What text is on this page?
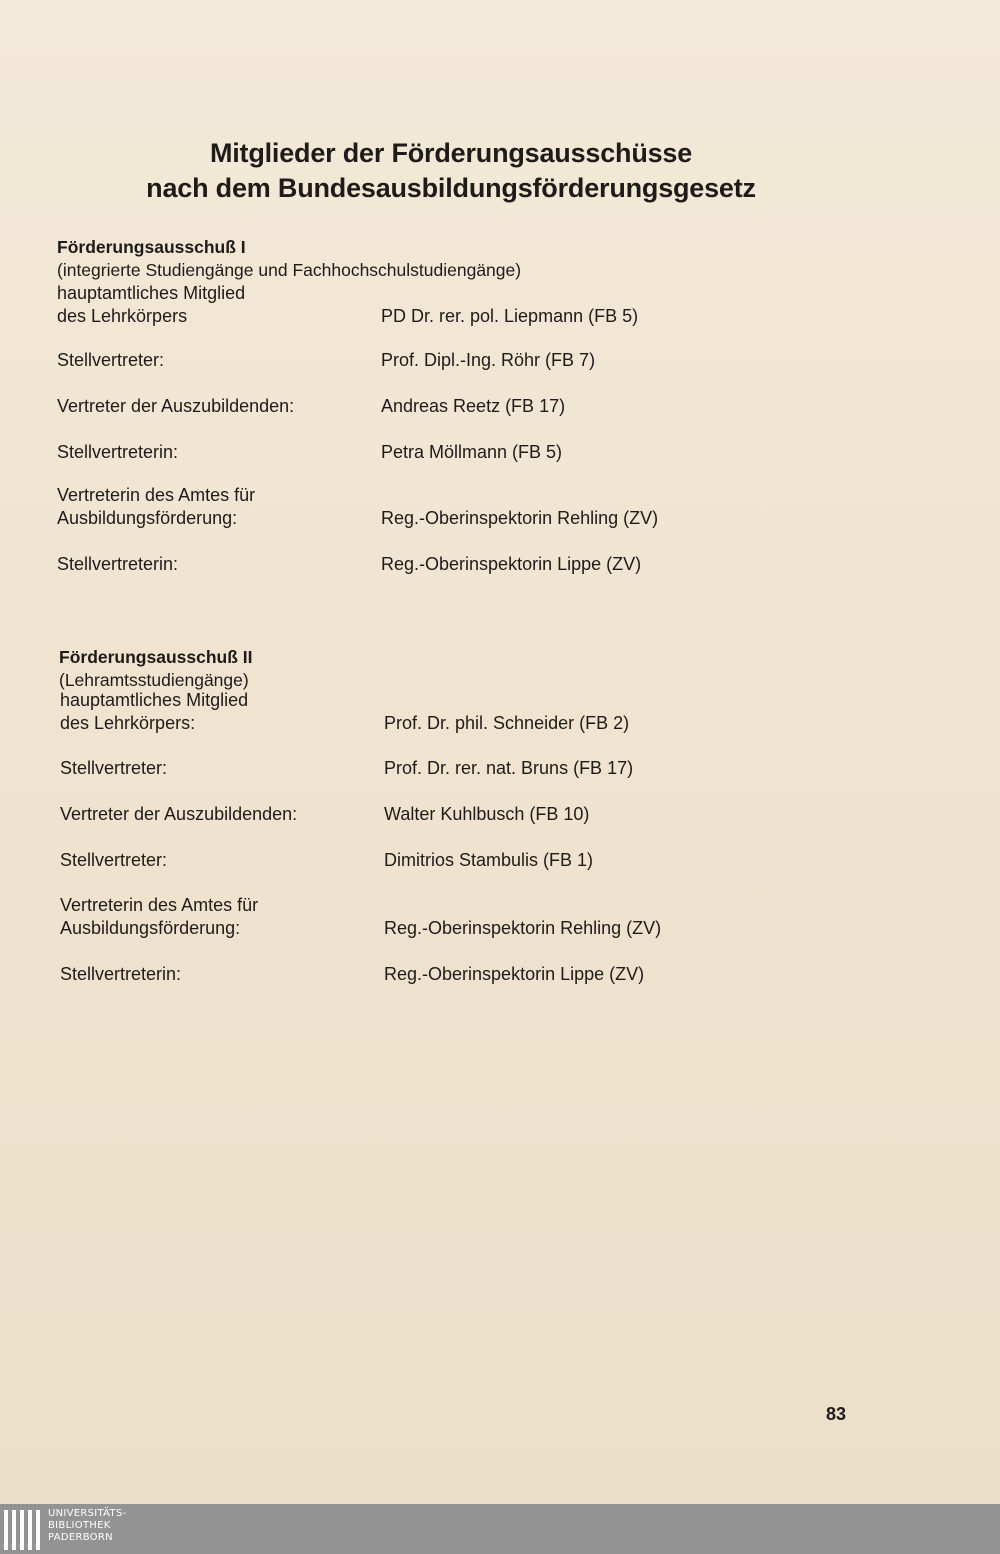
Mitglieder der Förderungsausschüsse
nach dem Bundesausbildungsförderungsgesetz
Förderungsausschuß I
(integrierte Studiengänge und Fachhochschulstudiengänge)
hauptamtliches Mitglied
des Lehrkörpers	PD Dr. rer. pol. Liepmann (FB 5)
Stellvertreter:	Prof. Dipl.-Ing. Röhr (FB 7)
Vertreter der Auszubildenden:	Andreas Reetz (FB 17)
Stellvertreterin:	Petra Möllmann (FB 5)
Vertreterin des Amtes für
Ausbildungsförderung:	Reg.-Oberinspektorin Rehling (ZV)
Stellvertreterin:	Reg.-Oberinspektorin Lippe (ZV)
Förderungsausschuß II
(Lehramtsstudiengänge)
hauptamtliches Mitglied
des Lehrkörpers:	Prof. Dr. phil. Schneider (FB 2)
Stellvertreter:	Prof. Dr. rer. nat. Bruns (FB 17)
Vertreter der Auszubildenden:	Walter Kuhlbusch (FB 10)
Stellvertreter:	Dimitrios Stambulis (FB 1)
Vertreterin des Amtes für
Ausbildungsförderung:	Reg.-Oberinspektorin Rehling (ZV)
Stellvertreterin:	Reg.-Oberinspektorin Lippe (ZV)
83
UNIVERSITÄTS-
BIBLIOTHEK
PADERBORN
